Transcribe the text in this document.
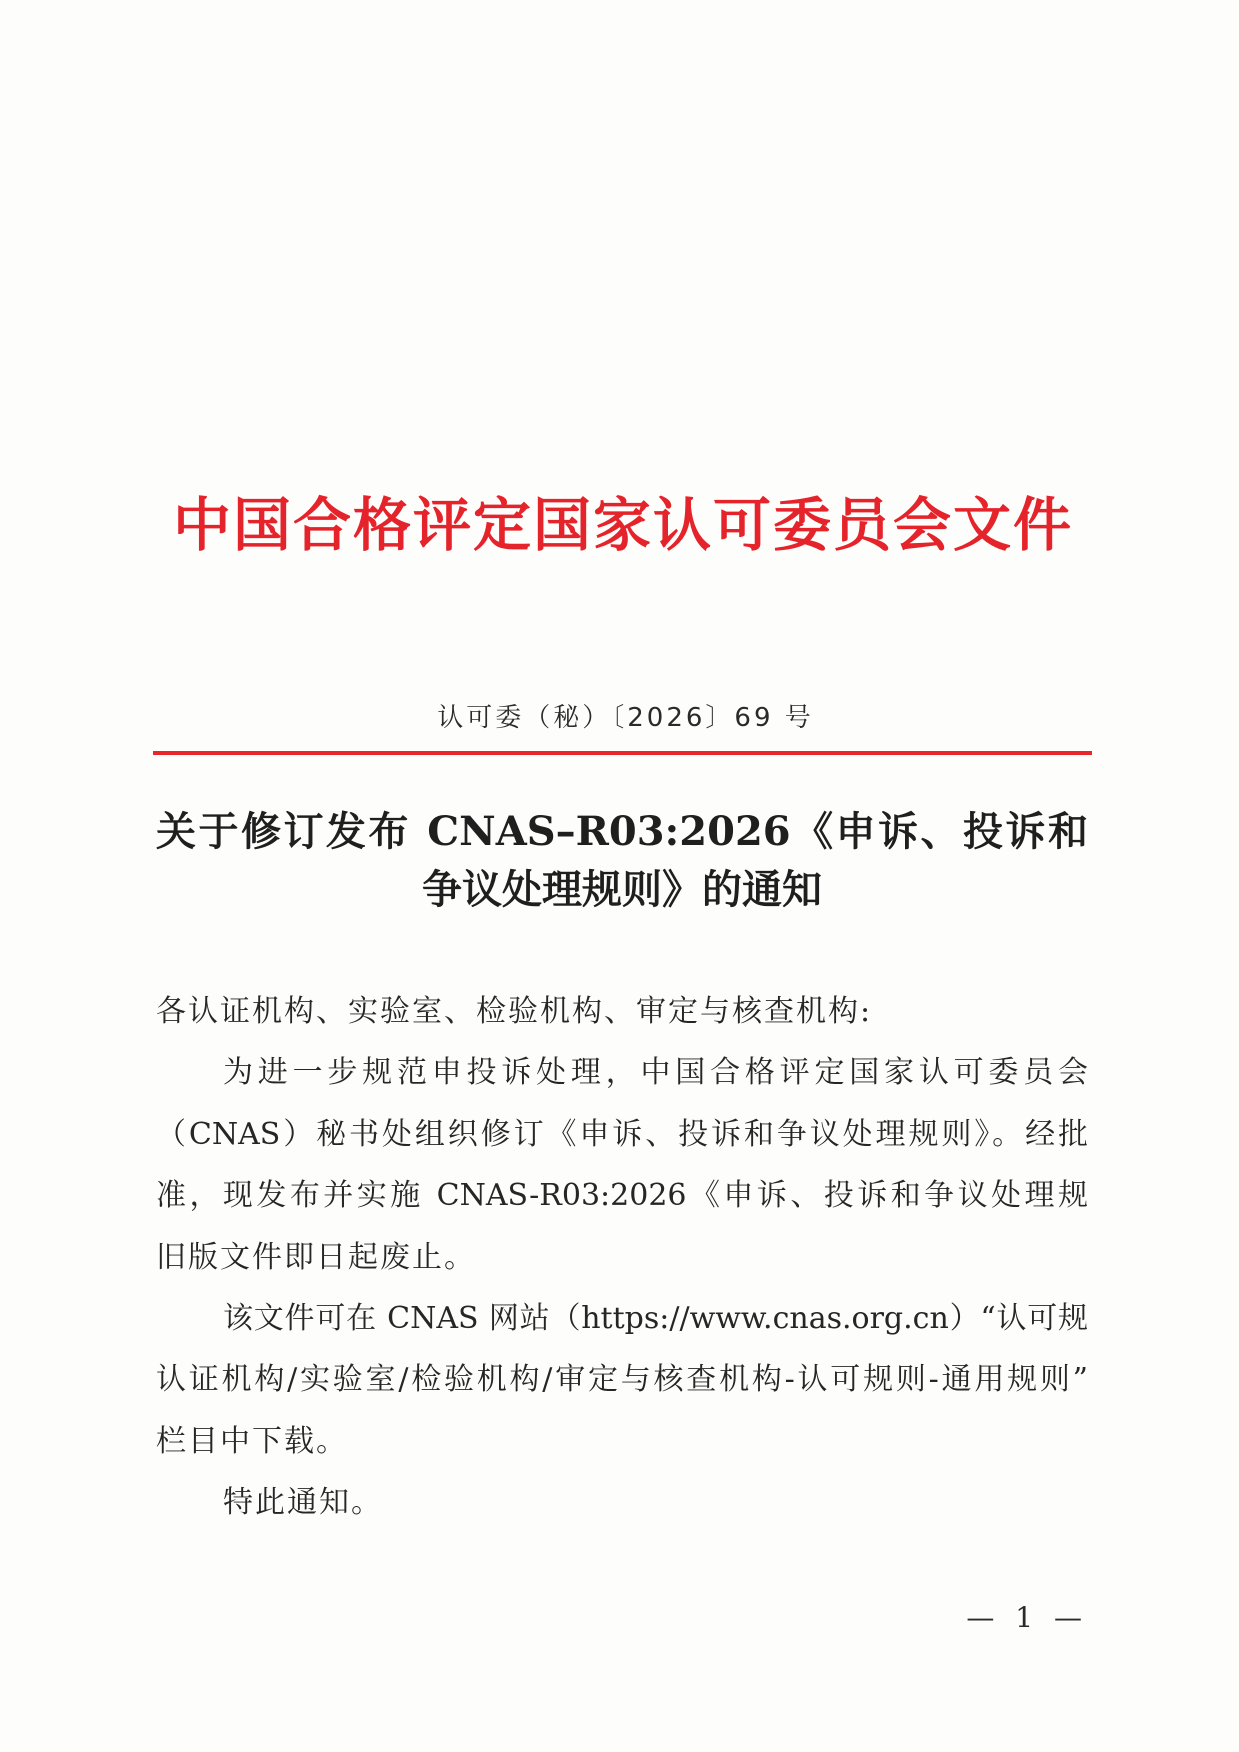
中国合格评定国家认可委员会文件
认可委（秘）〔2026〕69 号
关于修订发布 CNAS–R03:2026《申诉、投诉和
争议处理规则》的通知
各认证机构、实验室、检验机构、审定与核查机构:
为进一步规范申投诉处理，中国合格评定国家认可委员会
（CNAS）秘书处组织修订《申诉、投诉和争议处理规则》。经批
准，现发布并实施 CNAS-R03:2026《申诉、投诉和争议处理规
旧版文件即日起废止。
该文件可在 CNAS 网站（https://www.cnas.org.cn）“认可规
认证机构/实验室/检验机构/审定与核查机构-认可规则-通用规则”
栏目中下载。
特此通知。
— 1 —
